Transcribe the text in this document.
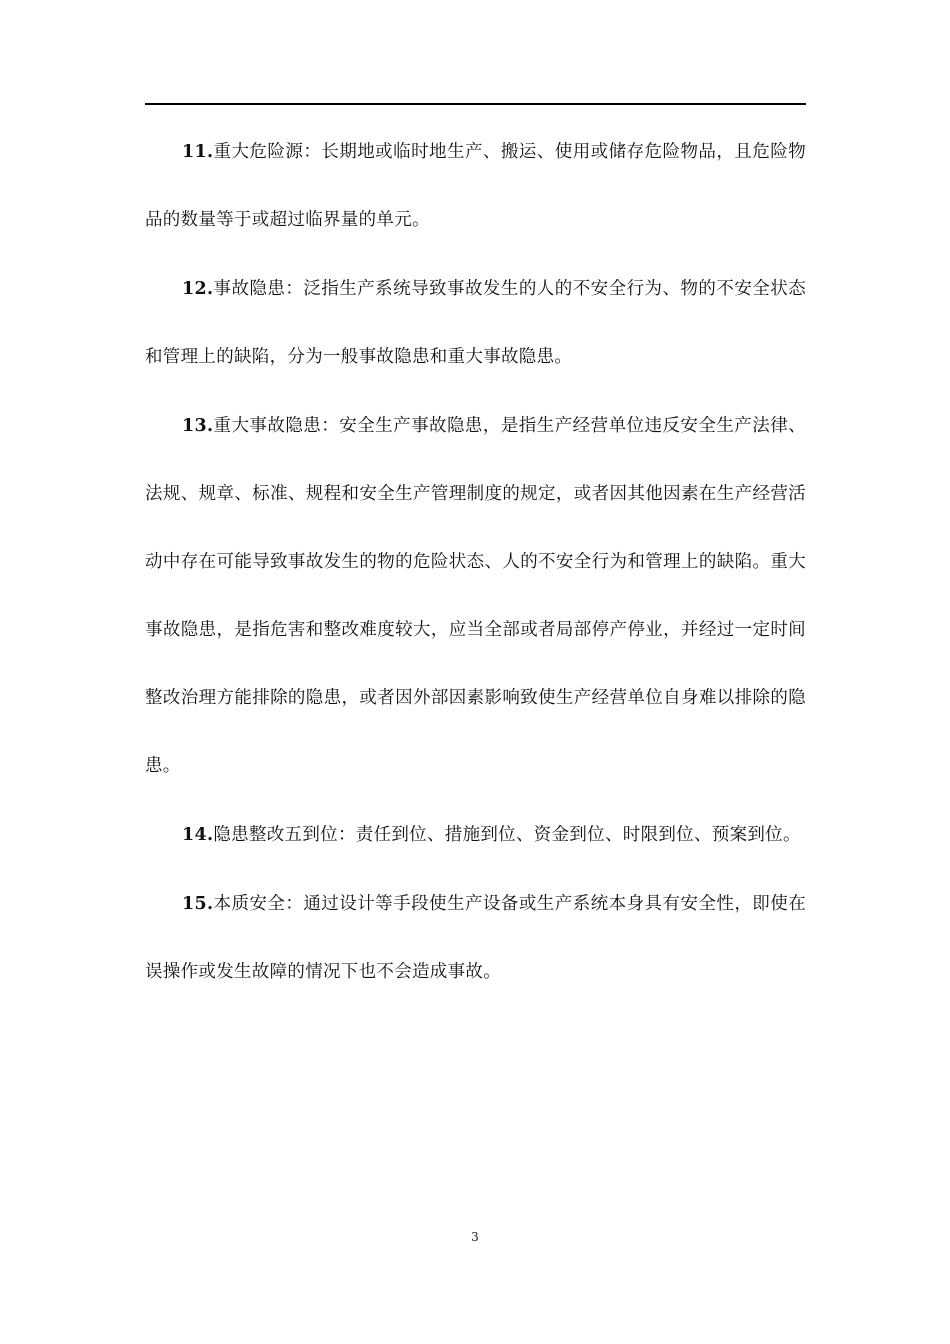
11.重大危险源：长期地或临时地生产、搬运、使用或储存危险物品，且危险物品的数量等于或超过临界量的单元。

12.事故隐患：泛指生产系统导致事故发生的人的不安全行为、物的不安全状态和管理上的缺陷，分为一般事故隐患和重大事故隐患。

13.重大事故隐患：安全生产事故隐患，是指生产经营单位违反安全生产法律、法规、规章、标准、规程和安全生产管理制度的规定，或者因其他因素在生产经营活动中存在可能导致事故发生的物的危险状态、人的不安全行为和管理上的缺陷。重大事故隐患，是指危害和整改难度较大，应当全部或者局部停产停业，并经过一定时间整改治理方能排除的隐患，或者因外部因素影响致使生产经营单位自身难以排除的隐患。

14.隐患整改五到位：责任到位、措施到位、资金到位、时限到位、预案到位。

15.本质安全：通过设计等手段使生产设备或生产系统本身具有安全性，即使在误操作或发生故障的情况下也不会造成事故。

3
